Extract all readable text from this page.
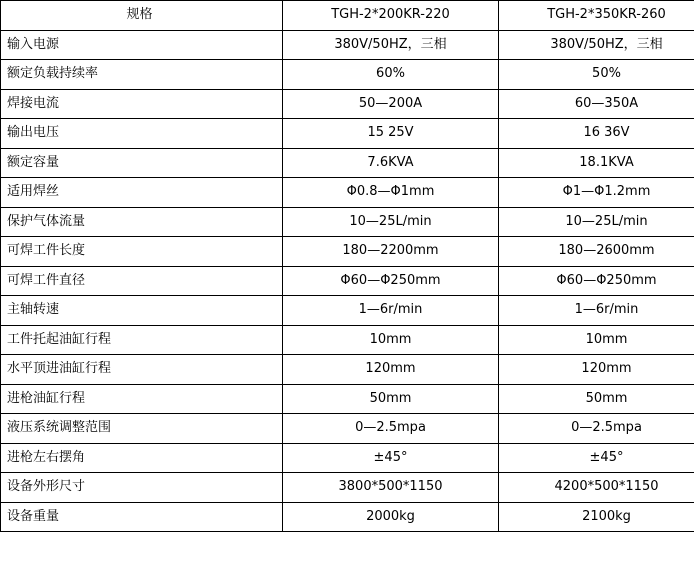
规格	TGH-2*200KR-220	TGH-2*350KR-260
输入电源	380V/50HZ，三相	380V/50HZ，三相
额定负载持续率	60%	50%
焊接电流	50—200A	60—350A
输出电压	15 25V	16 36V
额定容量	7.6KVA	18.1KVA
适用焊丝	Φ0.8—Φ1mm	Φ1—Φ1.2mm
保护气体流量	10—25L/min	10—25L/min
可焊工件长度	180—2200mm	180—2600mm
可焊工件直径	Φ60—Φ250mm	Φ60—Φ250mm
主轴转速	1—6r/min	1—6r/min
工件托起油缸行程	10mm	10mm
水平顶进油缸行程	120mm	120mm
进枪油缸行程	50mm	50mm
液压系统调整范围	0—2.5mpa	0—2.5mpa
进枪左右摆角	±45°	±45°
设备外形尺寸	3800*500*1150	4200*500*1150
设备重量	2000kg	2100kg
